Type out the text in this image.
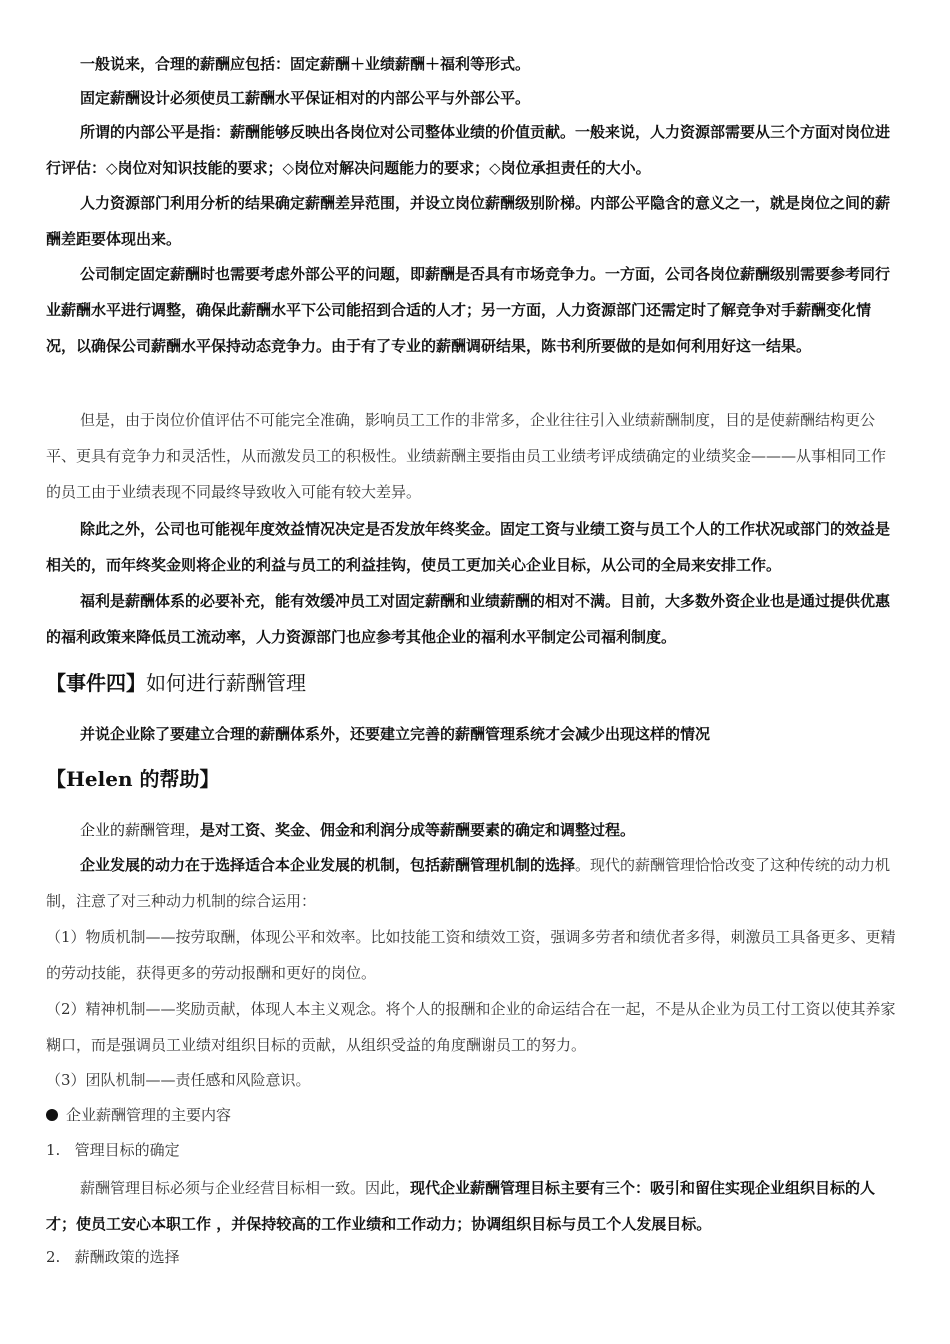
一般说来，合理的薪酬应包括：固定薪酬＋业绩薪酬＋福利等形式。

固定薪酬设计必须使员工薪酬水平保证相对的内部公平与外部公平。

所谓的内部公平是指：薪酬能够反映出各岗位对公司整体业绩的价值贡献。一般来说，人力资源部需要从三个方面对岗位进行评估：◇岗位对知识技能的要求；◇岗位对解决问题能力的要求；◇岗位承担责任的大小。

人力资源部门利用分析的结果确定薪酬差异范围，并设立岗位薪酬级别阶梯。内部公平隐含的意义之一，就是岗位之间的薪酬差距要体现出来。

公司制定固定薪酬时也需要考虑外部公平的问题，即薪酬是否具有市场竞争力。一方面，公司各岗位薪酬级别需要参考同行业薪酬水平进行调整，确保此薪酬水平下公司能招到合适的人才；另一方面，人力资源部门还需定时了解竞争对手薪酬变化情况，以确保公司薪酬水平保持动态竞争力。由于有了专业的薪酬调研结果，陈书利所要做的是如何利用好这一结果。

但是，由于岗位价值评估不可能完全准确，影响员工工作的非常多，企业往往引入业绩薪酬制度，目的是使薪酬结构更公平、更具有竞争力和灵活性，从而激发员工的积极性。业绩薪酬主要指由员工业绩考评成绩确定的业绩奖金———从事相同工作的员工由于业绩表现不同最终导致收入可能有较大差异。

除此之外，公司也可能视年度效益情况决定是否发放年终奖金。固定工资与业绩工资与员工个人的工作状况或部门的效益是相关的，而年终奖金则将企业的利益与员工的利益挂钩，使员工更加关心企业目标，从公司的全局来安排工作。

福利是薪酬体系的必要补充，能有效缓冲员工对固定薪酬和业绩薪酬的相对不满。目前，大多数外资企业也是通过提供优惠的福利政策来降低员工流动率，人力资源部门也应参考其他企业的福利水平制定公司福利制度。

【事件四】如何进行薪酬管理

并说企业除了要建立合理的薪酬体系外，还要建立完善的薪酬管理系统才会减少出现这样的情况

【Helen 的帮助】

企业的薪酬管理，是对工资、奖金、佣金和利润分成等薪酬要素的确定和调整过程。

企业发展的动力在于选择适合本企业发展的机制，包括薪酬管理机制的选择。现代的薪酬管理恰恰改变了这种传统的动力机制，注意了对三种动力机制的综合运用：

（1）物质机制——按劳取酬，体现公平和效率。比如技能工资和绩效工资，强调多劳者和绩优者多得，刺激员工具备更多、更精的劳动技能，获得更多的劳动报酬和更好的岗位。

（2）精神机制——奖励贡献，体现人本主义观念。将个人的报酬和企业的命运结合在一起，不是从企业为员工付工资以使其养家糊口，而是强调员工业绩对组织目标的贡献，从组织受益的角度酬谢员工的努力。

（3）团队机制——责任感和风险意识。

企业薪酬管理的主要内容

1.   管理目标的确定

薪酬管理目标必须与企业经营目标相一致。因此，现代企业薪酬管理目标主要有三个：吸引和留住实现企业组织目标的人才；使员工安心本职工作 ，并保持较高的工作业绩和工作动力；协调组织目标与员工个人发展目标。

2.   薪酬政策的选择
